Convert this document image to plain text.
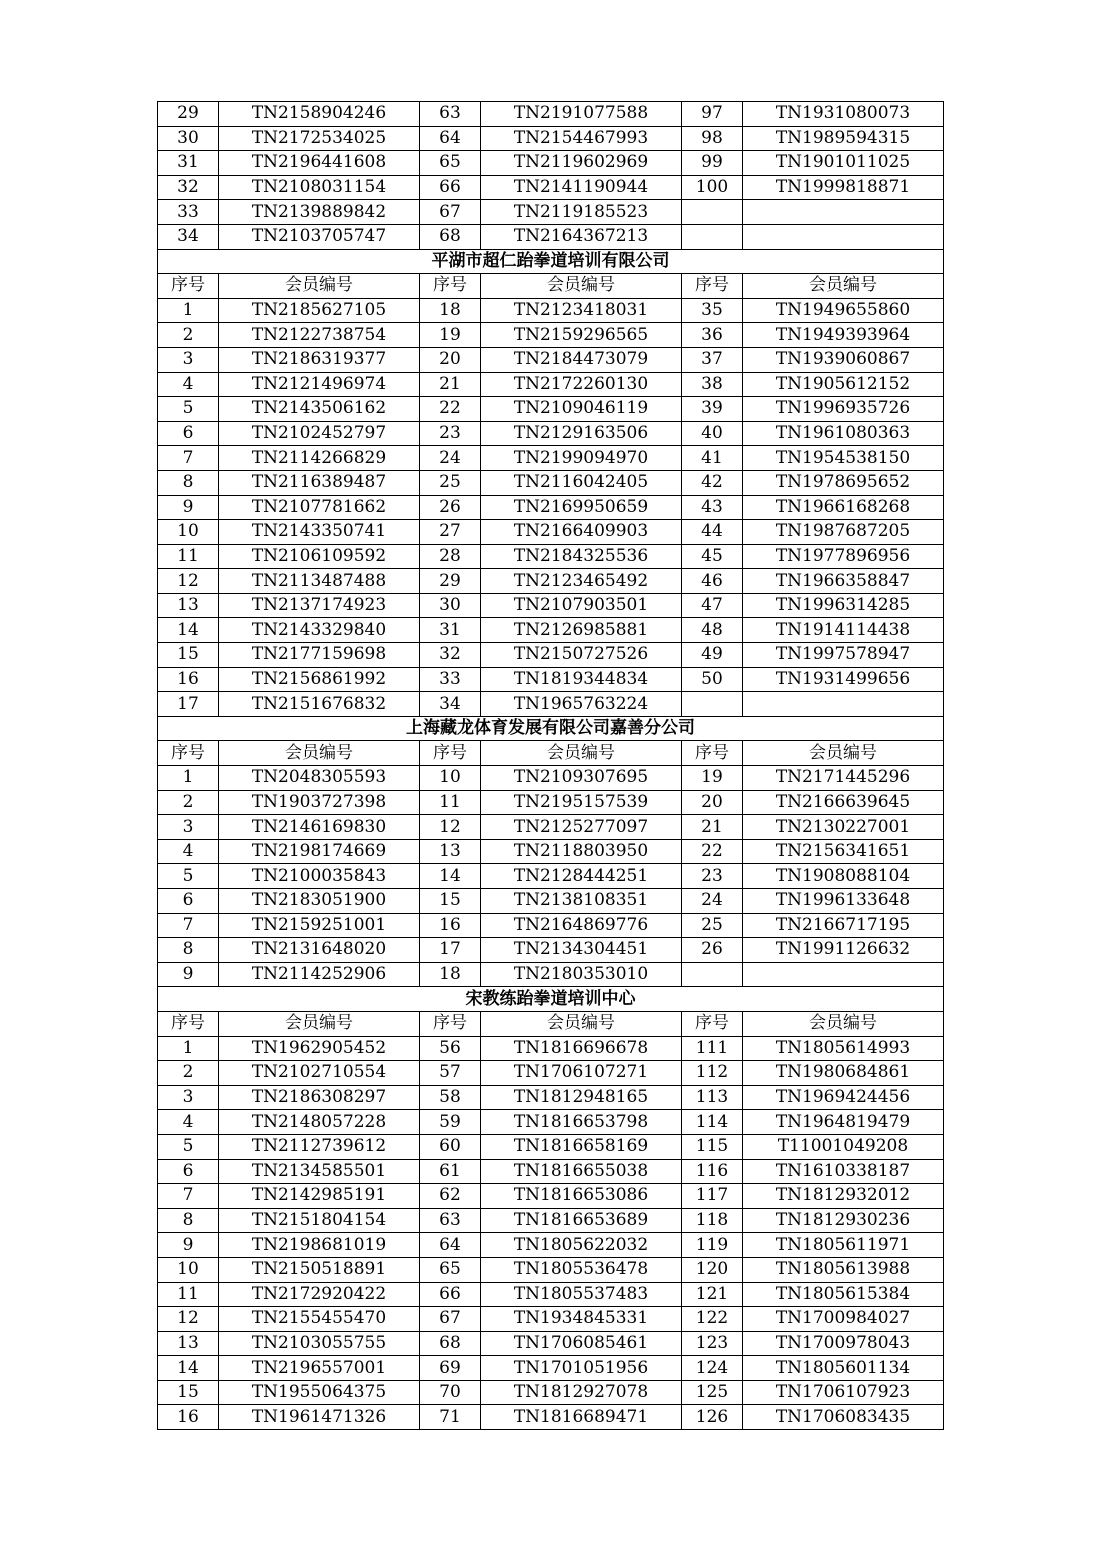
29	TN2158904246	63	TN2191077588	97	TN1931080073
30	TN2172534025	64	TN2154467993	98	TN1989594315
31	TN2196441608	65	TN2119602969	99	TN1901011025
32	TN2108031154	66	TN2141190944	100	TN1999818871
33	TN2139889842	67	TN2119185523		
34	TN2103705747	68	TN2164367213		
平湖市超仁跆拳道培训有限公司					
序号	会员编号	序号	会员编号	序号	会员编号
1	TN2185627105	18	TN2123418031	35	TN1949655860
2	TN2122738754	19	TN2159296565	36	TN1949393964
3	TN2186319377	20	TN2184473079	37	TN1939060867
4	TN2121496974	21	TN2172260130	38	TN1905612152
5	TN2143506162	22	TN2109046119	39	TN1996935726
6	TN2102452797	23	TN2129163506	40	TN1961080363
7	TN2114266829	24	TN2199094970	41	TN1954538150
8	TN2116389487	25	TN2116042405	42	TN1978695652
9	TN2107781662	26	TN2169950659	43	TN1966168268
10	TN2143350741	27	TN2166409903	44	TN1987687205
11	TN2106109592	28	TN2184325536	45	TN1977896956
12	TN2113487488	29	TN2123465492	46	TN1966358847
13	TN2137174923	30	TN2107903501	47	TN1996314285
14	TN2143329840	31	TN2126985881	48	TN1914114438
15	TN2177159698	32	TN2150727526	49	TN1997578947
16	TN2156861992	33	TN1819344834	50	TN1931499656
17	TN2151676832	34	TN1965763224		
上海藏龙体育发展有限公司嘉善分公司					
序号	会员编号	序号	会员编号	序号	会员编号
1	TN2048305593	10	TN2109307695	19	TN2171445296
2	TN1903727398	11	TN2195157539	20	TN2166639645
3	TN2146169830	12	TN2125277097	21	TN2130227001
4	TN2198174669	13	TN2118803950	22	TN2156341651
5	TN2100035843	14	TN2128444251	23	TN1908088104
6	TN2183051900	15	TN2138108351	24	TN1996133648
7	TN2159251001	16	TN2164869776	25	TN2166717195
8	TN2131648020	17	TN2134304451	26	TN1991126632
9	TN2114252906	18	TN2180353010		
宋教练跆拳道培训中心					
序号	会员编号	序号	会员编号	序号	会员编号
1	TN1962905452	56	TN1816696678	111	TN1805614993
2	TN2102710554	57	TN1706107271	112	TN1980684861
3	TN2186308297	58	TN1812948165	113	TN1969424456
4	TN2148057228	59	TN1816653798	114	TN1964819479
5	TN2112739612	60	TN1816658169	115	T11001049208
6	TN2134585501	61	TN1816655038	116	TN1610338187
7	TN2142985191	62	TN1816653086	117	TN1812932012
8	TN2151804154	63	TN1816653689	118	TN1812930236
9	TN2198681019	64	TN1805622032	119	TN1805611971
10	TN2150518891	65	TN1805536478	120	TN1805613988
11	TN2172920422	66	TN1805537483	121	TN1805615384
12	TN2155455470	67	TN1934845331	122	TN1700984027
13	TN2103055755	68	TN1706085461	123	TN1700978043
14	TN2196557001	69	TN1701051956	124	TN1805601134
15	TN1955064375	70	TN1812927078	125	TN1706107923
16	TN1961471326	71	TN1816689471	126	TN1706083435
